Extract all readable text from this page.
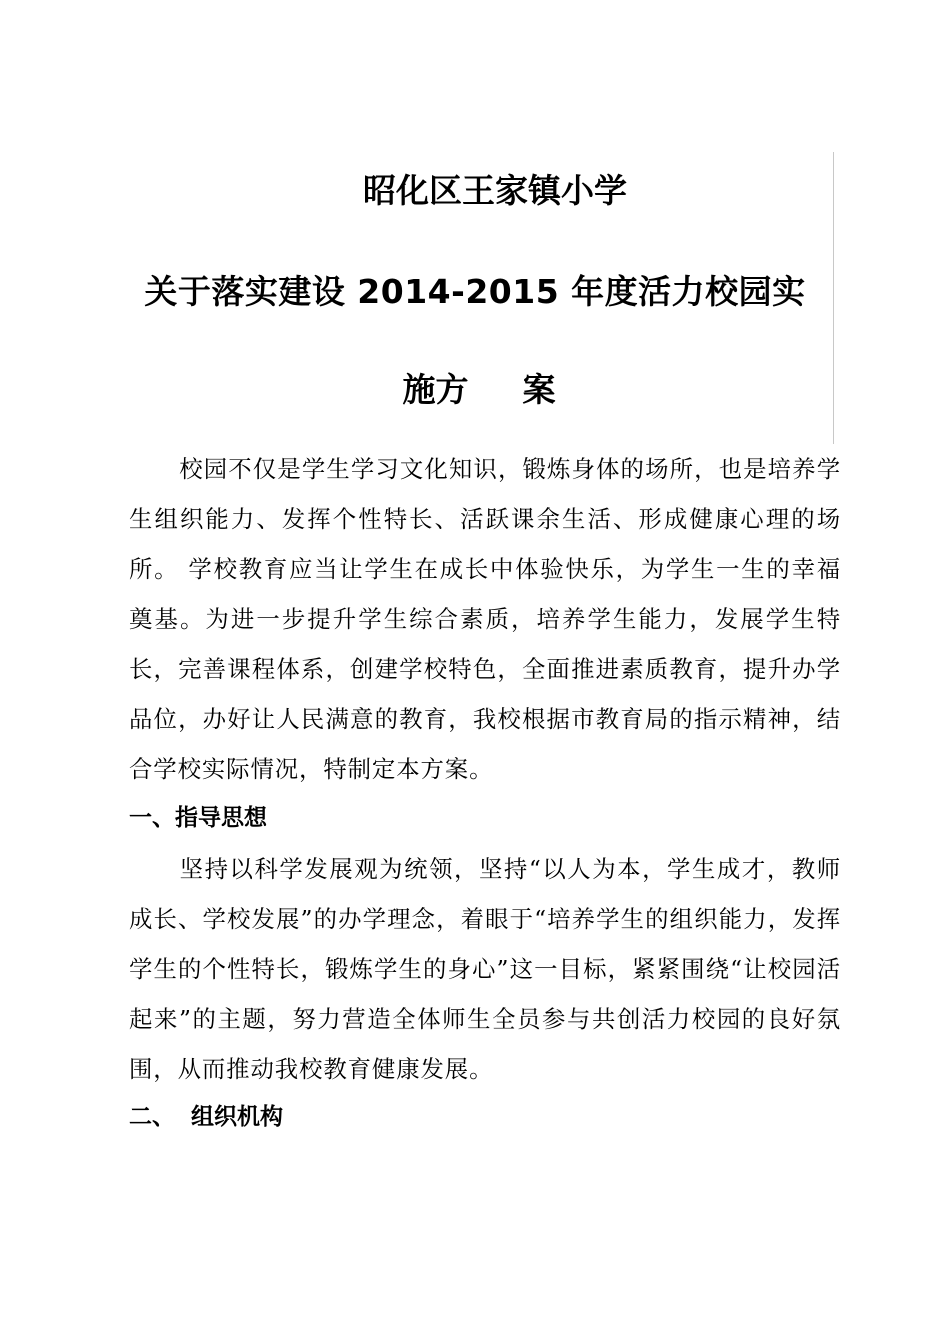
昭化区王家镇小学
关于落实建设 2014-2015 年度活力校园实
施方 案
校园不仅是学生学习文化知识，锻炼身体的场所，也是培养学生组织能力、发挥个性特长、活跃课余生活、形成健康心理的场所。 学校教育应当让学生在成长中体验快乐，为学生一生的幸福奠基。为进一步提升学生综合素质，培养学生能力，发展学生特长，完善课程体系，创建学校特色，全面推进素质教育，提升办学品位，办好让人民满意的教育，我校根据市教育局的指示精神，结合学校实际情况，特制定本方案。
一、指导思想
坚持以科学发展观为统领，坚持“以人为本，学生成才，教师成长、学校发展”的办学理念，着眼于“培养学生的组织能力，发挥学生的个性特长，锻炼学生的身心”这一目标，紧紧围绕“让校园活起来”的主题，努力营造全体师生全员参与共创活力校园的良好氛围，从而推动我校教育健康发展。
二、 组织机构
